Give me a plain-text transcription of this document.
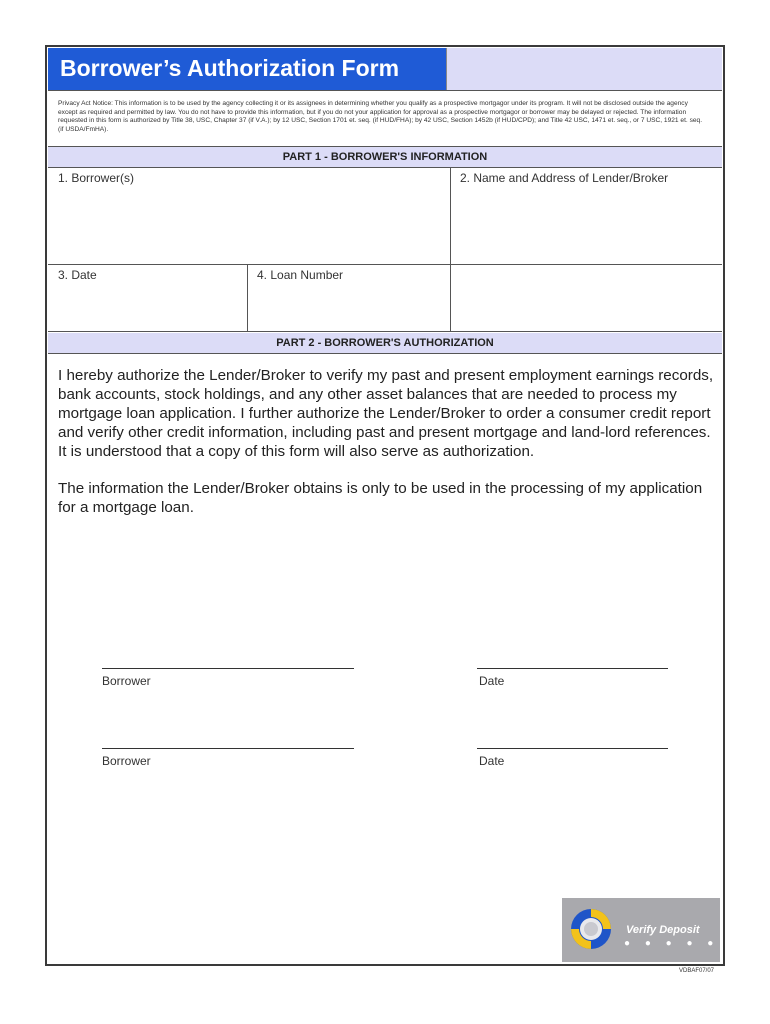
Borrower’s Authorization Form
Privacy Act Notice: This information is to be used by the agency collecting it or its assignees in determining whether you qualify as a prospective mortgagor under its program. It will not be disclosed outside the agency except as required and permitted by law. You do not have to provide this information, but if you do not your application for approval as a prospective mortgagor or borrower may be delayed or rejected. The information requested in this form is authorized by Title 38, USC, Chapter 37 (if V.A.); by 12 USC, Section 1701 et. seq. (if HUD/FHA); by 42 USC, Section 1452b (if HUD/CPD); and Title 42 USC, 1471 et. seq., or 7 USC, 1921 et. seq. (if USDA/FmHA).
PART 1 - BORROWER'S INFORMATION
1. Borrower(s)	2. Name and Address of Lender/Broker
3. Date	4. Loan Number
PART 2 - BORROWER'S AUTHORIZATION

I hereby authorize the Lender/Broker to verify my past and present employment earnings records, bank accounts, stock holdings, and any other asset balances that are needed to process my mortgage loan application. I further authorize the Lender/Broker to order a consumer credit report and verify other credit information, including past and present mortgage and land-lord references. It is understood that a copy of this form will also serve as authorization.

The information the Lender/Broker obtains is only to be used in the processing of my application for a mortgage loan.

Borrower	Date
Borrower	Date
Verify Deposit
● ● ● ● ●
VDBAF07/07
